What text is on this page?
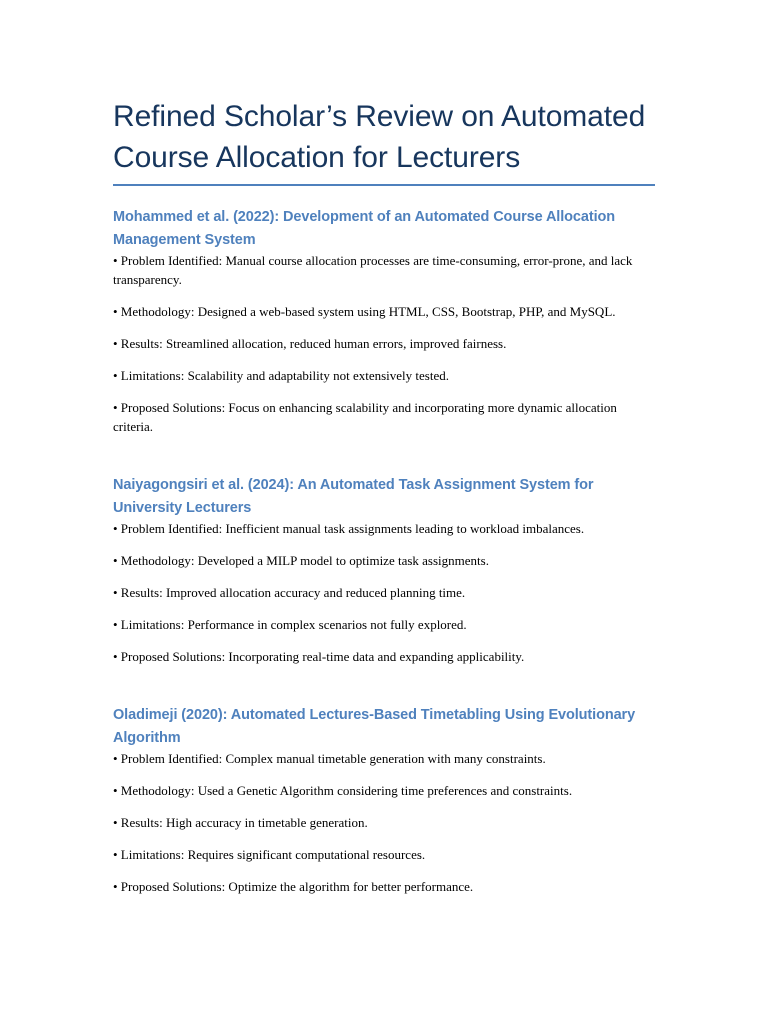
Refined Scholar’s Review on Automated Course Allocation for Lecturers
Mohammed et al. (2022): Development of an Automated Course Allocation Management System
• Problem Identified: Manual course allocation processes are time-consuming, error-prone, and lack transparency.
• Methodology: Designed a web-based system using HTML, CSS, Bootstrap, PHP, and MySQL.
• Results: Streamlined allocation, reduced human errors, improved fairness.
• Limitations: Scalability and adaptability not extensively tested.
• Proposed Solutions: Focus on enhancing scalability and incorporating more dynamic allocation criteria.
Naiyagongsiri et al. (2024): An Automated Task Assignment System for University Lecturers
• Problem Identified: Inefficient manual task assignments leading to workload imbalances.
• Methodology: Developed a MILP model to optimize task assignments.
• Results: Improved allocation accuracy and reduced planning time.
• Limitations: Performance in complex scenarios not fully explored.
• Proposed Solutions: Incorporating real-time data and expanding applicability.
Oladimeji (2020): Automated Lectures-Based Timetabling Using Evolutionary Algorithm
• Problem Identified: Complex manual timetable generation with many constraints.
• Methodology: Used a Genetic Algorithm considering time preferences and constraints.
• Results: High accuracy in timetable generation.
• Limitations: Requires significant computational resources.
• Proposed Solutions: Optimize the algorithm for better performance.
